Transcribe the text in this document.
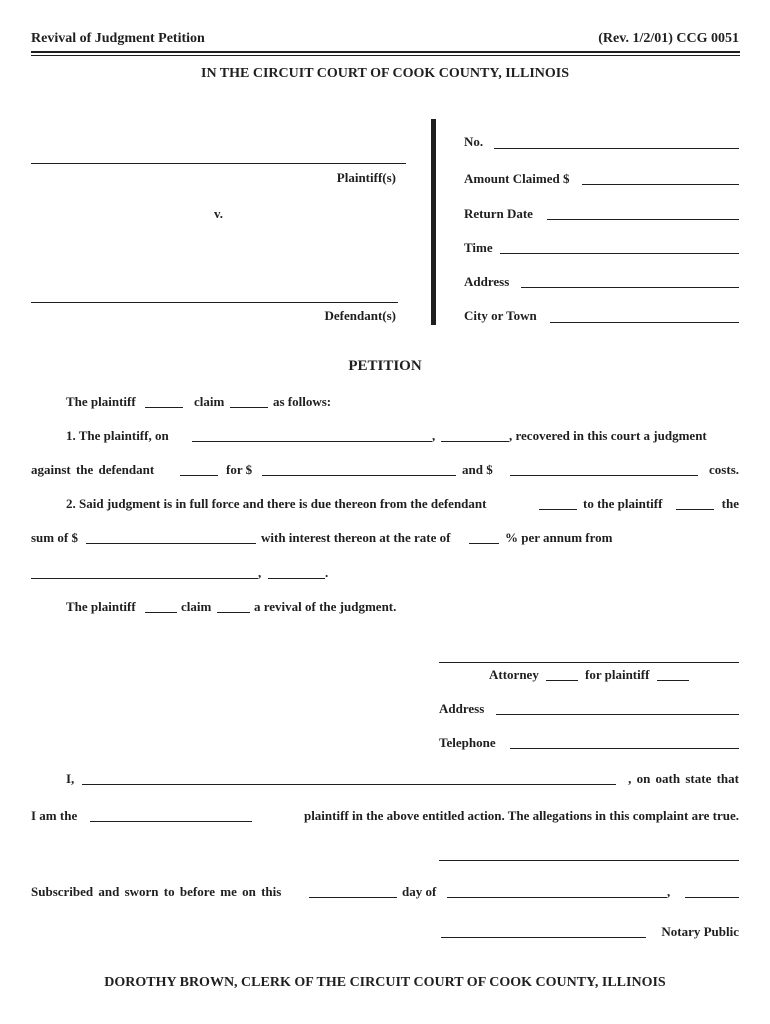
Revival of Judgment Petition	(Rev. 1/2/01) CCG 0051
IN THE CIRCUIT COURT OF COOK COUNTY, ILLINOIS
Plaintiff(s)
v.
Defendant(s)
No.
Amount Claimed $
Return Date
Time
Address
City or Town
PETITION
The plaintiff	claim	as follows:
1. The plaintiff, on	,	, recovered in this court a judgment
against the defendant	for $	and $	costs.
2. Said judgment is in full force and there is due thereon from the defendant	to the plaintiff	the
sum of $	with interest thereon at the rate of	% per annum from
,	.
The plaintiff	claim	a revival of the judgment.
Attorney	for plaintiff
Address
Telephone
I,	, on oath state that
I am the	plaintiff in the above entitled action. The allegations in this complaint are true.
Subscribed and sworn to before me on this	day of	,
Notary Public
DOROTHY BROWN, CLERK OF THE CIRCUIT COURT OF COOK COUNTY, ILLINOIS
